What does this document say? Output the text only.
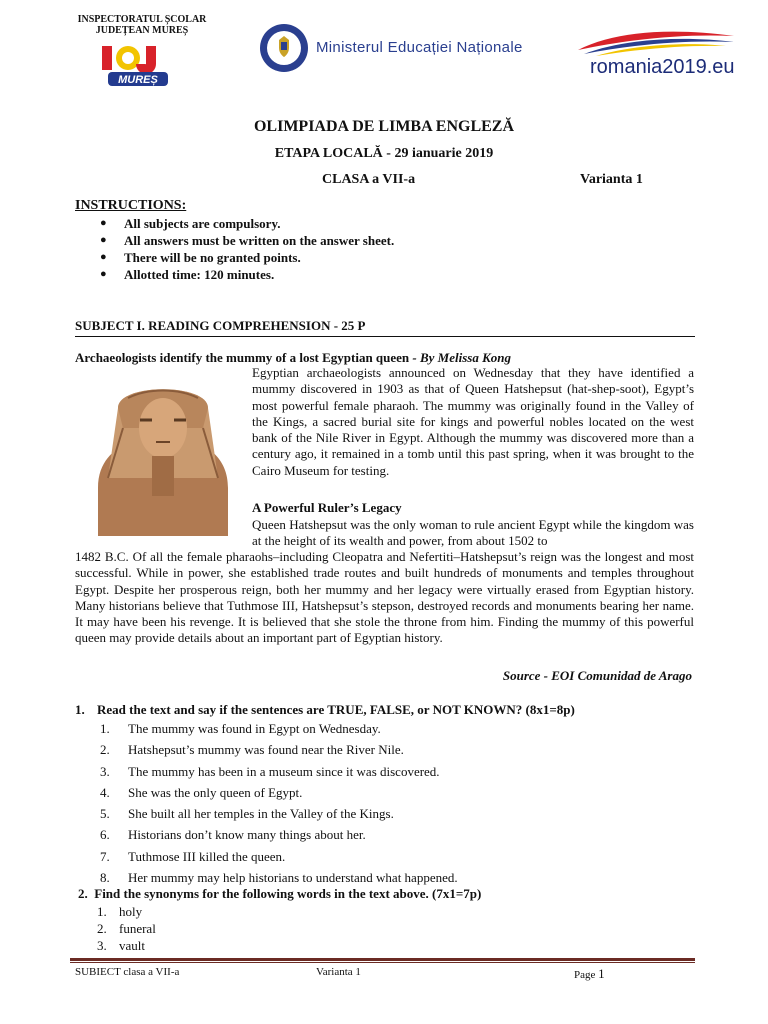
INSPECTORATUL ȘCOLAR JUDEȚEAN MUREȘ
MUREȘ
Ministerul Educației Naționale
romania2019.eu
OLIMPIADA DE LIMBA ENGLEZĂ
ETAPA LOCALĂ - 29 ianuarie 2019
CLASA a VII-a	Varianta 1
INSTRUCTIONS:
● All subjects are compulsory.
● All answers must be written on the answer sheet.
● There will be no granted points.
● Allotted time: 120 minutes.
SUBJECT I. READING COMPREHENSION - 25 P
Archaeologists identify the mummy of a lost Egyptian queen - By Melissa Kong
Egyptian archaeologists announced on Wednesday that they have identified a mummy discovered in 1903 as that of Queen Hatshepsut (hat-shep-soot), Egypt’s most powerful female pharaoh. The mummy was originally found in the Valley of the Kings, a sacred burial site for kings and powerful nobles located on the west bank of the Nile River in Egypt. Although the mummy was discovered more than a century ago, it remained in a tomb until this past spring, when it was brought to the Cairo Museum for testing.
A Powerful Ruler’s Legacy
Queen Hatshepsut was the only woman to rule ancient Egypt while the kingdom was at the height of its wealth and power, from about 1502 to
1482 B.C. Of all the female pharaohs–including Cleopatra and Nefertiti–Hatshepsut’s reign was the longest and most successful. While in power, she established trade routes and built hundreds of monuments and temples throughout Egypt. Despite her prosperous reign, both her mummy and her legacy were virtually erased from Egyptian history. Many historians believe that Tuthmose III, Hatshepsut’s stepson, destroyed records and monuments bearing her name. It may have been his revenge. It is believed that she stole the throne from him. Finding the mummy of this powerful queen may provide details about an important part of Egyptian history.
Source - EOI Comunidad de Arago
1. Read the text and say if the sentences are TRUE, FALSE, or NOT KNOWN? (8x1=8p)
1. The mummy was found in Egypt on Wednesday.
2. Hatshepsut’s mummy was found near the River Nile.
3. The mummy has been in a museum since it was discovered.
4. She was the only queen of Egypt.
5. She built all her temples in the Valley of the Kings.
6. Historians don’t know many things about her.
7. Tuthmose III killed the queen.
8. Her mummy may help historians to understand what happened.
2. Find the synonyms for the following words in the text above. (7x1=7p)
1. holy
2. funeral
3. vault
SUBIECT clasa a VII-a	Varianta 1	Page 1
